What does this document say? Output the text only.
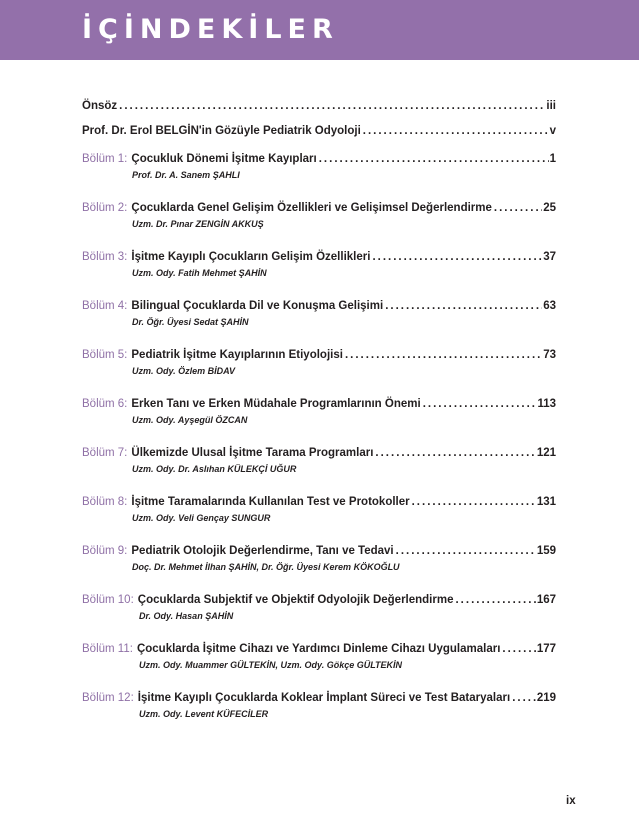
İÇİNDEKİLER
Önsöz .....	iii
Prof. Dr. Erol BELGİN'in Gözüyle Pediatrik Odyoloji .....	v
Bölüm 1: Çocukluk Dönemi İşitme Kayıpları .....	1
Prof. Dr. A. Sanem ŞAHLI
Bölüm 2: Çocuklarda Genel Gelişim Özellikleri ve Gelişimsel Değerlendirme .....	25
Uzm. Dr. Pınar ZENGİN AKKUŞ
Bölüm 3: İşitme Kayıplı Çocukların Gelişim Özellikleri .....	37
Uzm. Ody. Fatih Mehmet ŞAHİN
Bölüm 4: Bilingual Çocuklarda Dil ve Konuşma Gelişimi .....	63
Dr. Öğr. Üyesi Sedat ŞAHİN
Bölüm 5: Pediatrik İşitme Kayıplarının Etiyolojisi .....	73
Uzm. Ody. Özlem BİDAV
Bölüm 6: Erken Tanı ve Erken Müdahale Programlarının Önemi .....	113
Uzm. Ody. Ayşegül ÖZCAN
Bölüm 7: Ülkemizde Ulusal İşitme Tarama Programları .....	121
Uzm. Ody. Dr. Aslıhan KÜLEKÇİ UĞUR
Bölüm 8: İşitme Taramalarında Kullanılan Test ve Protokoller .....	131
Uzm. Ody. Veli Gençay SUNGUR
Bölüm 9: Pediatrik Otolojik Değerlendirme, Tanı ve Tedavi .....	159
Doç. Dr. Mehmet İlhan ŞAHİN, Dr. Öğr. Üyesi Kerem KÖKOĞLU
Bölüm 10: Çocuklarda Subjektif ve Objektif Odyolojik Değerlendirme .....	167
Dr. Ody. Hasan ŞAHİN
Bölüm 11: Çocuklarda İşitme Cihazı ve Yardımcı Dinleme Cihazı Uygulamaları .....	177
Uzm. Ody. Muammer GÜLTEKİN, Uzm. Ody. Gökçe GÜLTEKİN
Bölüm 12: İşitme Kayıplı Çocuklarda Koklear İmplant Süreci ve Test Bataryaları ..... 219
Uzm. Ody. Levent KÜFECİLER
ix
